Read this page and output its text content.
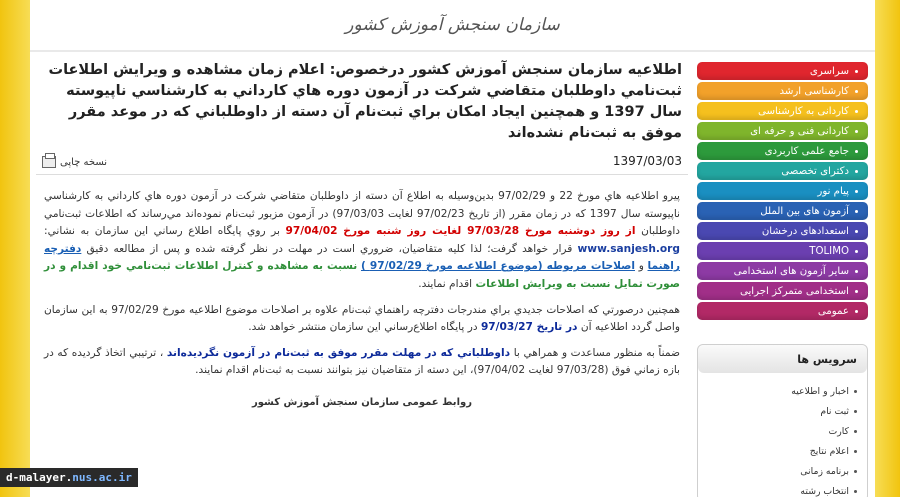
سازمان سنجش آموزش کشور
اطلاعيه سازمان سنجش آموزش كشور درخصوص: اعلام زمان مشاهده و ويرايش اطلاعات ثبت‌نامي داوطلبان متقاضي شركت در آزمون دوره هاي كارداني به كارشناسي ناپيوسته سال 1397 و همچنين ايجاد امكان براي ثبت‌نام آن دسته از داوطلباني كه در موعد مقرر موفق به ثبت‌نام نشده‌اند
1397/03/03
نسخه چاپی

پيرو اطلاعيه هاي مورخ 22 و 97/02/29 بدين‌وسيله به اطلاع آن دسته از داوطلبان متقاضي شركت در آزمون دوره هاي كارداني به كارشناسي ناپيوسته سال 1397 كه در زمان مقرر (از تاريخ 97/02/23 لغايت 97/03/03) در آزمون مزبور ثبت‌نام نموده‌اند مي‌رساند كه اطلاعات ثبت‌نامي داوطلبان از روز دوشنبه مورخ 97/03/28 لغايت روز شنبه مورخ 97/04/02 بر روي پايگاه اطلاع رساني اين سازمان به نشاني: www.sanjesh.org قرار خواهد گرفت؛ لذا كليه متقاضيان، ضروري است در مهلت در نظر گرفته شده و پس از مطالعه دقيق دفترچه راهنما و اصلاحات مربوطه (موضوع اطلاعيه مورخ 97/02/29 ) نسبت به مشاهده و كنترل اطلاعات ثبت‌نامي خود اقدام و در صورت تمايل نسبت به ويرايش اطلاعات اقدام نمايند.

همچنين درصورتي كه اصلاحات جديدي براي مندرجات دفترچه راهنماي ثبت‌نام علاوه بر اصلاحات موضوع اطلاعيه مورخ 97/02/29 به اين سازمان واصل گردد اطلاعيه آن در تاريخ 97/03/27 در پايگاه اطلاع‌رساني اين سازمان منتشر خواهد شد.

ضمناً به منظور مساعدت و همراهي با داوطلباني كه در مهلت مقرر موفق به ثبت‌نام در آزمون نگرديده‌اند ، ترتيبي اتخاذ گرديده كه در بازه زماني فوق (97/03/28 لغايت 97/04/02)، اين دسته از متقاضيان نيز بتوانند نسبت به ثبت‌نام اقدام نمايند.

روابط عمومی سازمان سنجش آموزش کشور
سراسری
كارشناسی ارشد
كاردانی به كارشناسی
كاردانی فنی و حرفه ای
جامع علمی كاربردی
دكترای تخصصی
پیام نور
آزمون های بین الملل
استعدادهای درخشان
TOLIMO
سایر آزمون های استخدامی
استخدامی متمرکز اجرایی
عمومی
سرویس ها
اخبار و اطلاعیه
ثبت نام
كارت
اعلام نتایج
برنامه زمانی
انتخاب رشته
d-malayer.nus.ac.ir
